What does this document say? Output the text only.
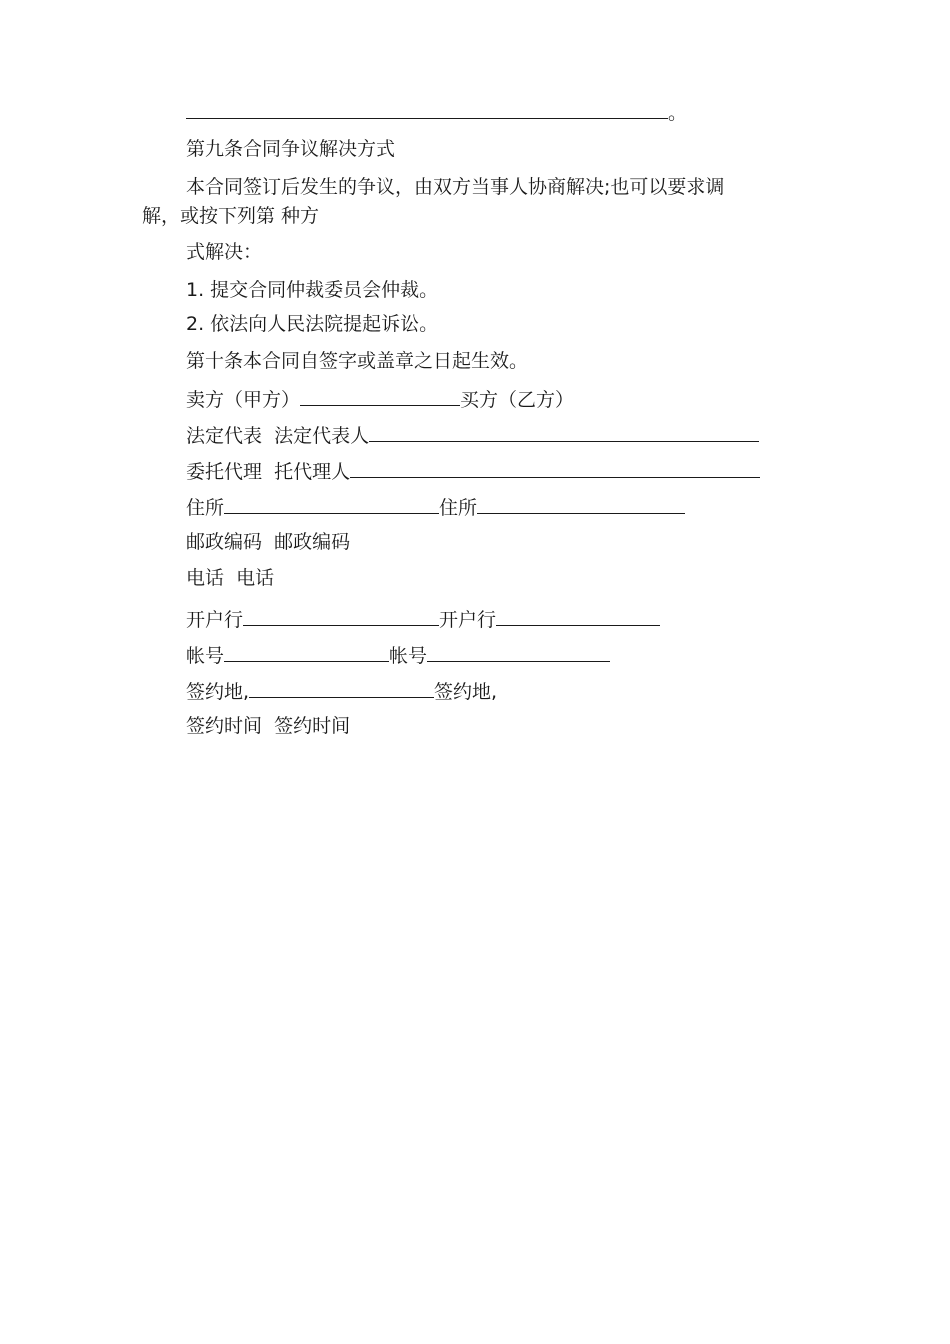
。
第九条合同争议解决方式
本合同签订后发生的争议，由双方当事人协商解决;也可以要求调
解，或按下列第 种方
式解决：
1. 提交合同仲裁委员会仲裁。
2. 依法向人民法院提起诉讼。
第十条本合同自签字或盖章之日起生效。
卖方（甲方）	买方（乙方）
法定代表 法定代表人
委托代理 托代理人
住所	住所
邮政编码 邮政编码
电话 电话
开户行	开户行
帐号	帐号
签约地,	签约地,
签约时间 签约时间
